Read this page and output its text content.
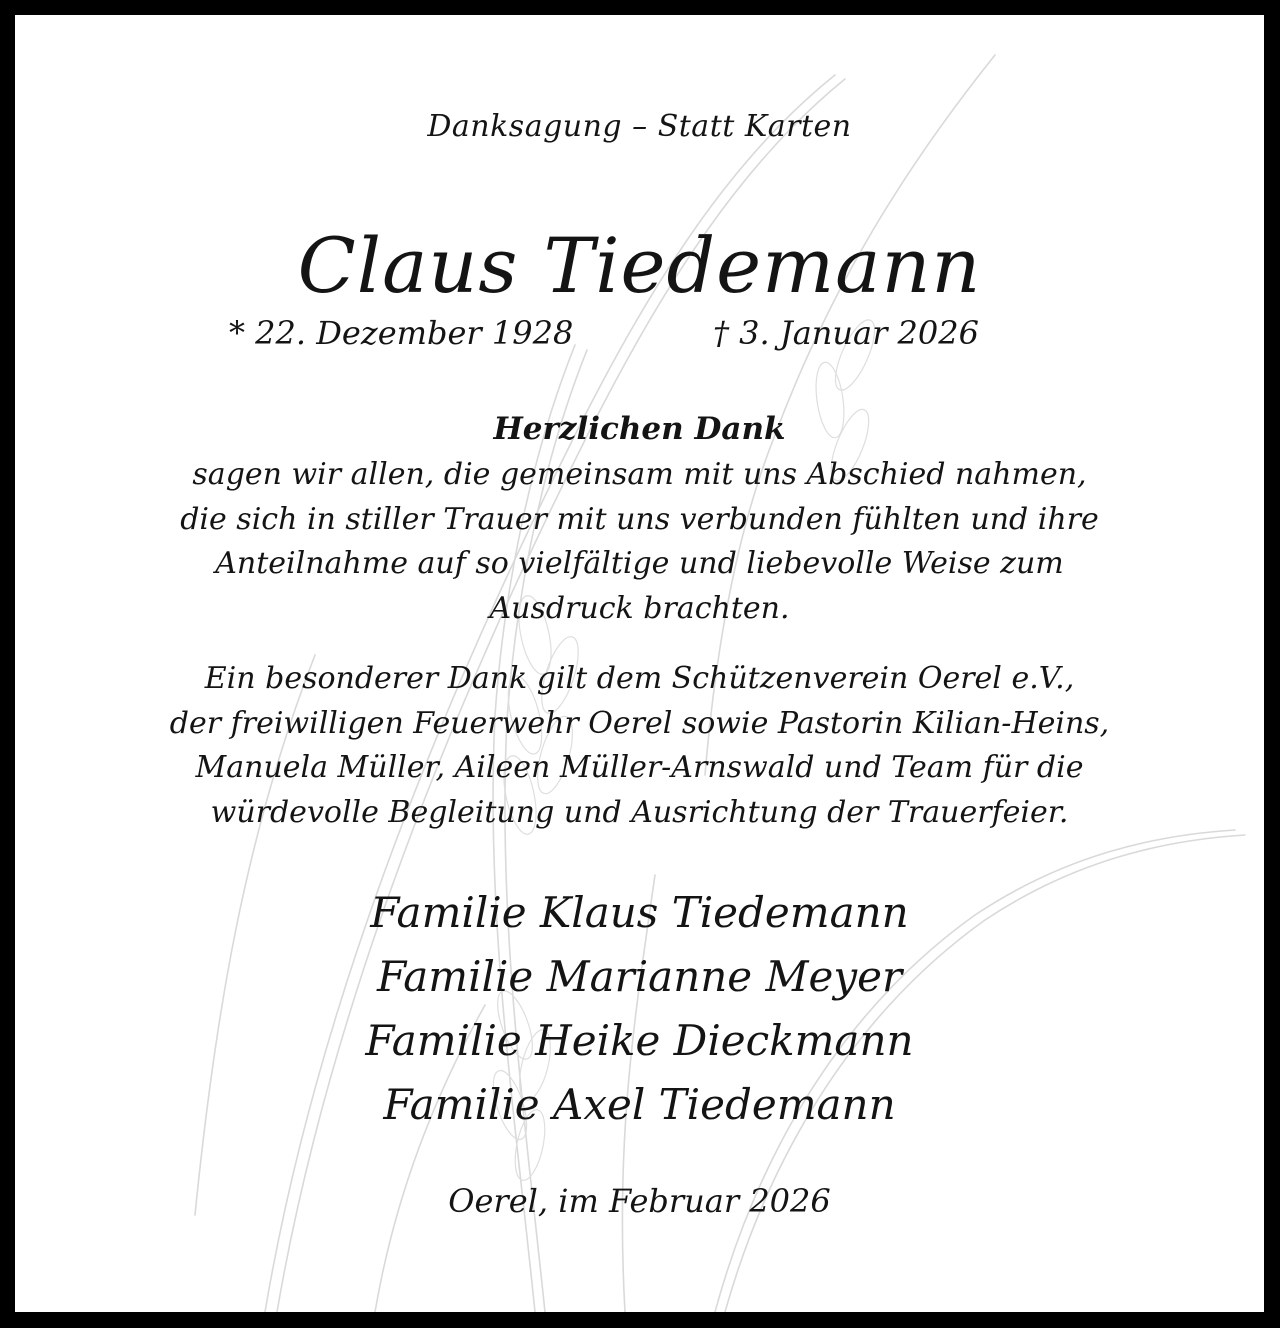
Danksagung – Statt Karten
Claus Tiedemann
* 22. Dezember 1928	† 3. Januar 2026
Herzlichen Dank
sagen wir allen, die gemeinsam mit uns Abschied nahmen,
die sich in stiller Trauer mit uns verbunden fühlten und ihre
Anteilnahme auf so vielfältige und liebevolle Weise zum
Ausdruck brachten.
Ein besonderer Dank gilt dem Schützenverein Oerel e.V.,
der freiwilligen Feuerwehr Oerel sowie Pastorin Kilian-Heins,
Manuela Müller, Aileen Müller-Arnswald und Team für die
würdevolle Begleitung und Ausrichtung der Trauerfeier.
Familie Klaus Tiedemann
Familie Marianne Meyer
Familie Heike Dieckmann
Familie Axel Tiedemann
Oerel, im Februar 2026
